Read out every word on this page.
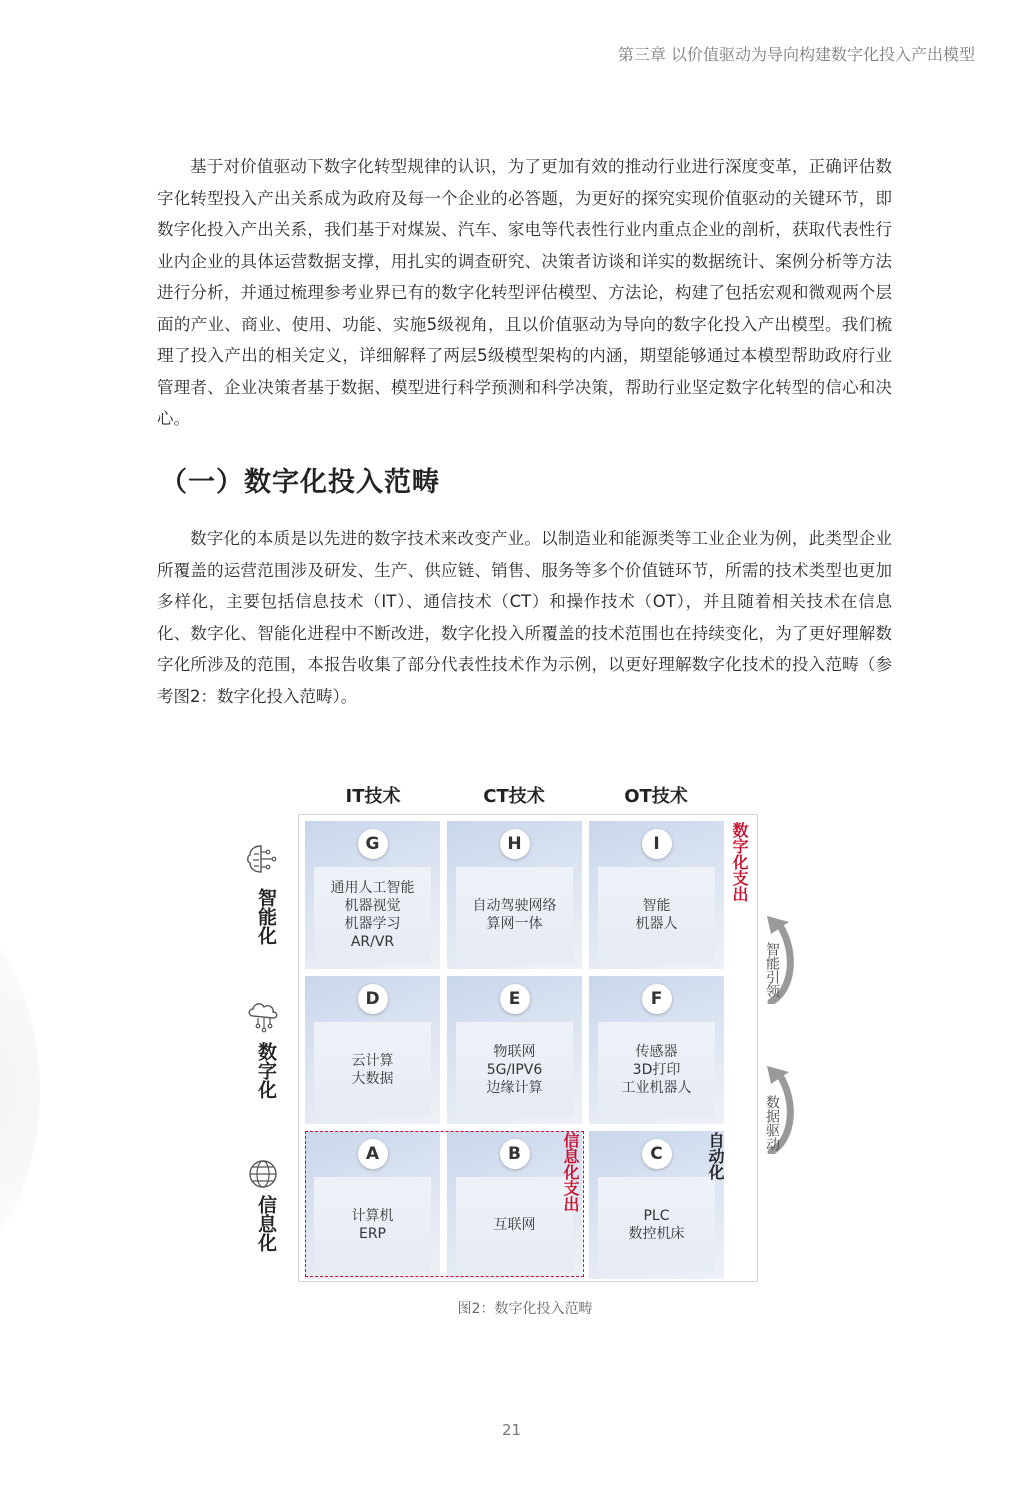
第三章 以价值驱动为导向构建数字化投入产出模型

基于对价值驱动下数字化转型规律的认识，为了更加有效的推动行业进行深度变革，正确评估数字化转型投入产出关系成为政府及每一个企业的必答题，为更好的探究实现价值驱动的关键环节，即数字化投入产出关系，我们基于对煤炭、汽车、家电等代表性行业内重点企业的剖析，获取代表性行业内企业的具体运营数据支撑，用扎实的调查研究、决策者访谈和详实的数据统计、案例分析等方法进行分析，并通过梳理参考业界已有的数字化转型评估模型、方法论，构建了包括宏观和微观两个层面的产业、商业、使用、功能、实施5级视角，且以价值驱动为导向的数字化投入产出模型。我们梳理了投入产出的相关定义，详细解释了两层5级模型架构的内涵，期望能够通过本模型帮助政府行业管理者、企业决策者基于数据、模型进行科学预测和科学决策，帮助行业坚定数字化转型的信心和决心。

（一）数字化投入范畴

数字化的本质是以先进的数字技术来改变产业。以制造业和能源类等工业企业为例，此类型企业所覆盖的运营范围涉及研发、生产、供应链、销售、服务等多个价值链环节，所需的技术类型也更加多样化，主要包括信息技术（IT）、通信技术（CT）和操作技术（OT），并且随着相关技术在信息化、数字化、智能化进程中不断改进，数字化投入所覆盖的技术范围也在持续变化，为了更好理解数字化所涉及的范围，本报告收集了部分代表性技术作为示例，以更好理解数字化技术的投入范畴（参考图2：数字化投入范畴）。

IT技术	CT技术	OT技术
智能化
数字化
信息化
G
通用人工智能
机器视觉
机器学习
AR/VR
H
自动驾驶网络
算网一体
I
智能
机器人
D
云计算
大数据
E
物联网
5G/IPV6
边缘计算
F
传感器
3D打印
工业机器人
A
计算机
ERP
B
互联网
C
PLC
数控机床
数字化支出
信息化支出	自动化
智能引领
数据驱动
图2：数字化投入范畴
21
